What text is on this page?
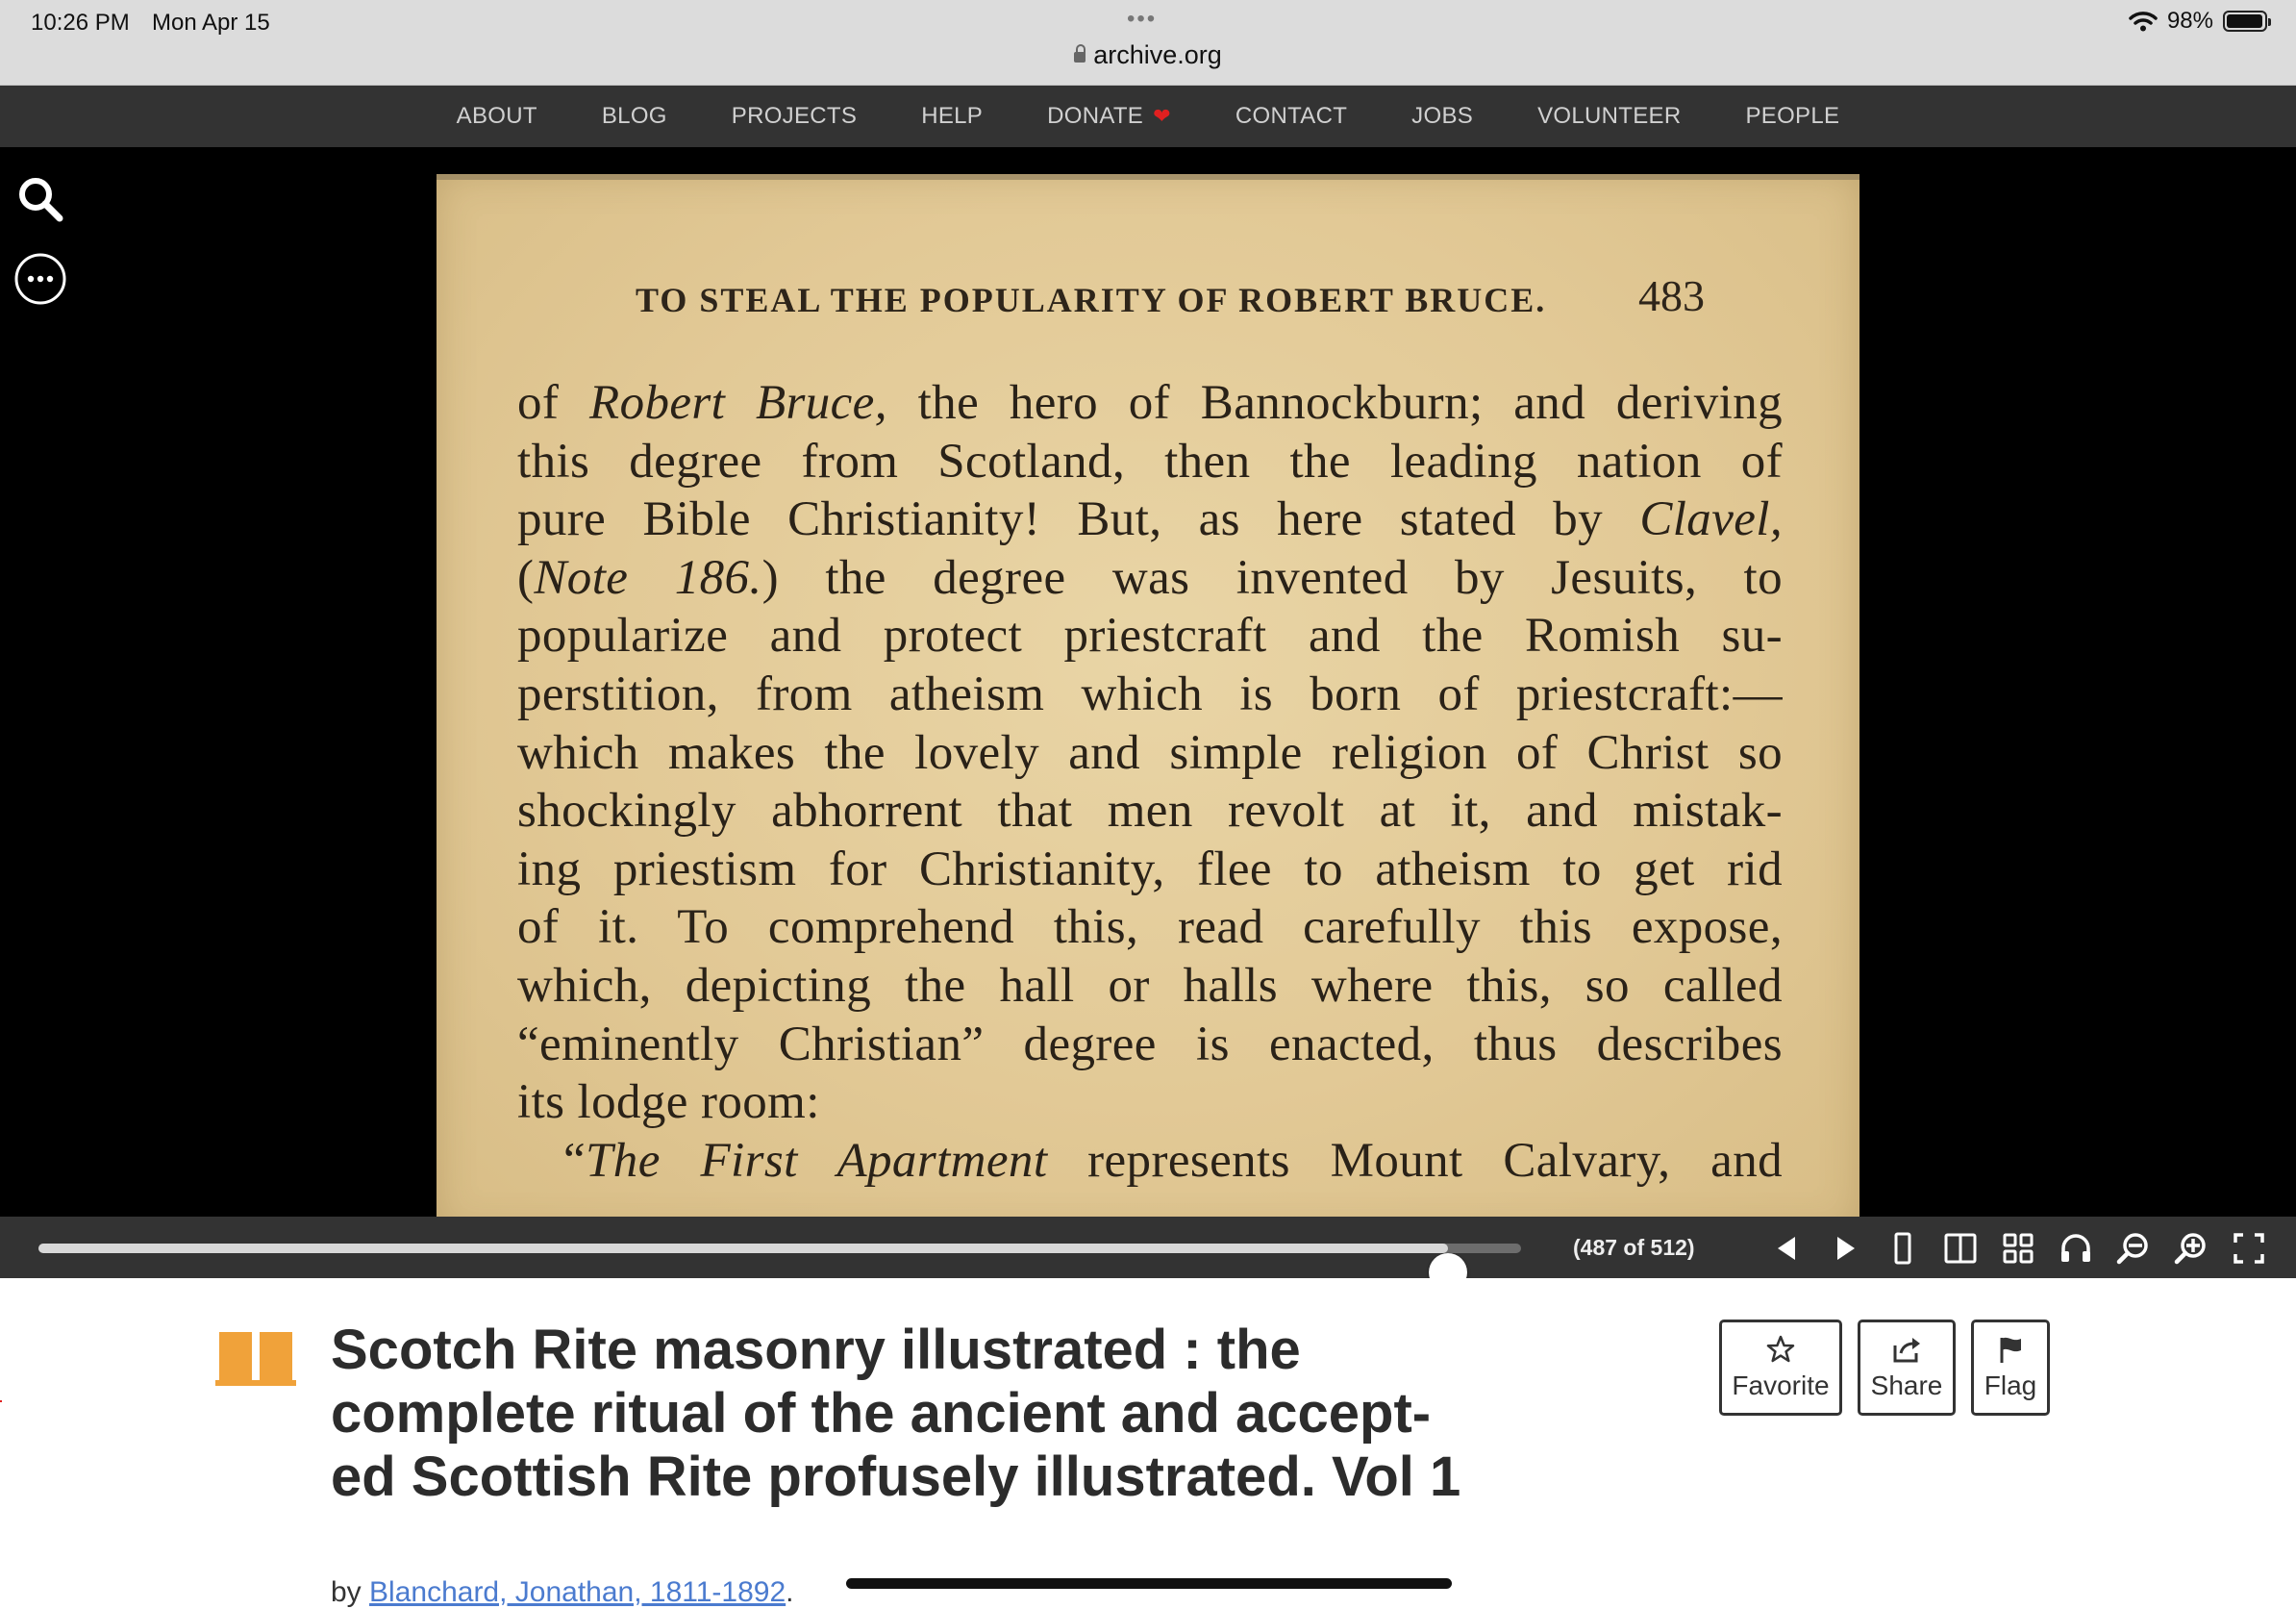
10:26 PM Mon Apr 15	•••
archive.org
98%
ABOUT	BLOG	PROJECTS	HELP	DONATE ❤	CONTACT	JOBS	VOLUNTEER	PEOPLE
TO STEAL THE POPULARITY OF ROBERT BRUCE. 483
of Robert Bruce, the hero of Bannockburn; and deriving
this degree from Scotland, then the leading nation of
pure Bible Christianity! But, as here stated by Clavel,
(Note 186.) the degree was invented by Jesuits, to
popularize and protect priestcraft and the Romish su-
perstition, from atheism which is born of priestcraft:—
which makes the lovely and simple religion of Christ so
shockingly abhorrent that men revolt at it, and mistak-
ing priestism for Christianity, flee to atheism to get rid
of it. To comprehend this, read carefully this expose,
which, depicting the hall or halls where this, so called
“eminently Christian” degree is enacted, thus describes
its lodge room:
“The First Apartment represents Mount Calvary, and
(487 of 512)
Scotch Rite masonry illustrated : the complete ritual of the ancient and accept-ed Scottish Rite profusely illustrated. Vol 1
Favorite Share Flag
by Blanchard, Jonathan, 1811-1892.
